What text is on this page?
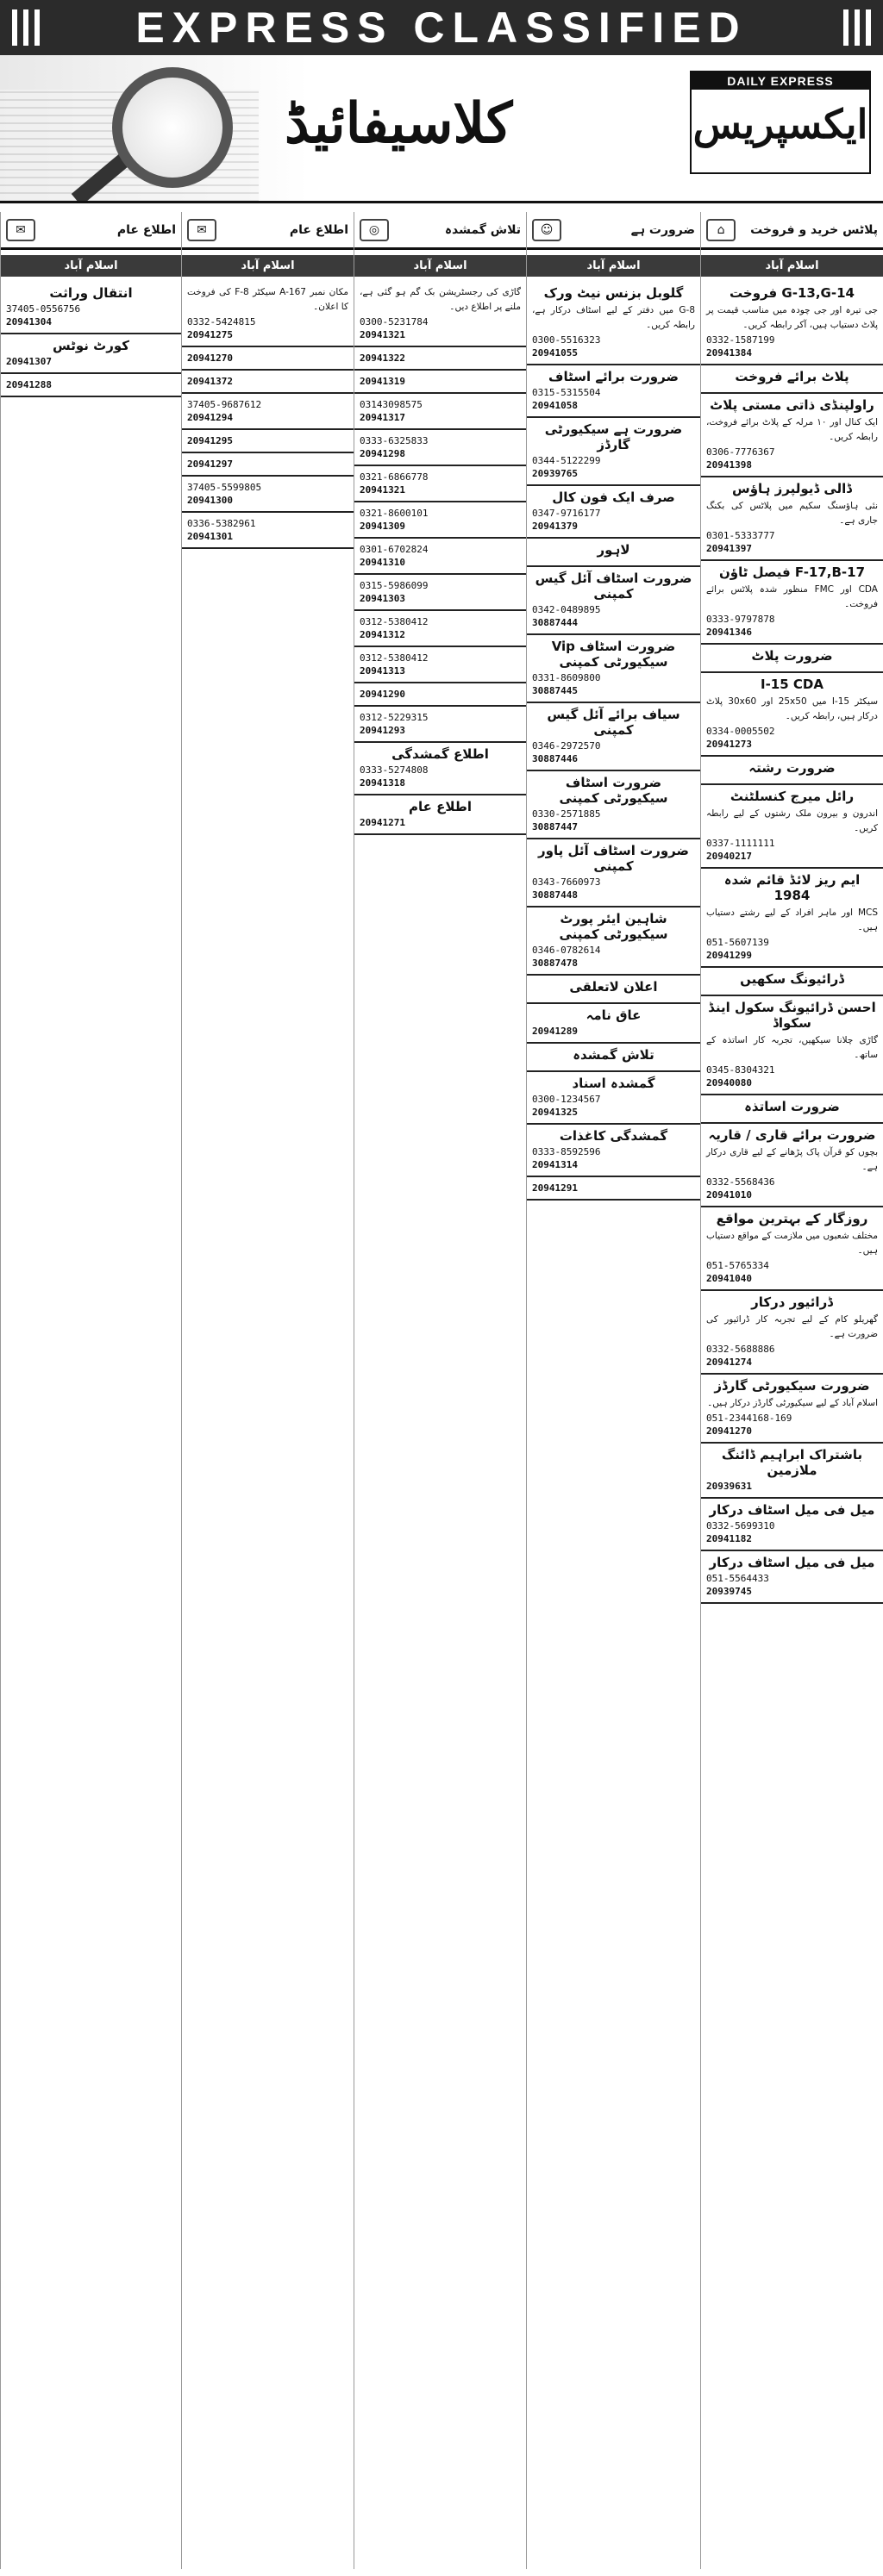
EXPRESS CLASSIFIED
کلاسیفائیڈ
DAILY EXPRESS
ایکسپریس
پلاٹس خرید و فروخت
⌂
اسلام آباد
G-13,G-14 فروخت
جی تیرہ اور جی چودہ میں مناسب قیمت پر پلاٹ دستیاب ہیں، آکر رابطہ کریں۔
0332-1587199
20941384
پلاٹ برائے فروخت
راولپنڈی ذاتی مستی پلاٹ
ایک کنال اور ۱۰ مرلہ کے پلاٹ برائے فروخت، رابطہ کریں۔
0306-7776367
20941398
ڈالی ڈیولپرز ہاؤس
نئی ہاؤسنگ سکیم میں پلاٹس کی بکنگ جاری ہے۔
0301-5333777
20941397
F-17,B-17 فیصل ٹاؤن
CDA اور FMC منظور شدہ پلاٹس برائے فروخت۔
0333-9797878
20941346
ضرورت پلاٹ
I-15 CDA
سیکٹر I-15 میں 25x50 اور 30x60 پلاٹ درکار ہیں، رابطہ کریں۔
0334-0005502
20941273
ضرورت رشتہ
رائل میرج کنسلٹنٹ
اندرون و بیرون ملک رشتوں کے لیے رابطہ کریں۔
0337-1111111
20940217
ایم ریز لائڈ قائم شدہ 1984
MCS اور ماہر افراد کے لیے رشتے دستیاب ہیں۔
051-5607139
20941299
ڈرائیونگ سکھیں
احسن ڈرائیونگ سکول اینڈ سکواڈ
گاڑی چلانا سیکھیں، تجربہ کار اساتذہ کے ساتھ۔
0345-8304321
20940080
ضرورت اساتذہ
ضرورت برائے قاری / قاریہ
بچوں کو قرآن پاک پڑھانے کے لیے قاری درکار ہے۔
0332-5568436
20941010
روزگار کے بہترین مواقع
مختلف شعبوں میں ملازمت کے مواقع دستیاب ہیں۔
051-5765334
20941040
ڈرائیور درکار
گھریلو کام کے لیے تجربہ کار ڈرائیور کی ضرورت ہے۔
0332-5688886
20941274
ضرورت سیکیورٹی گارڈز
اسلام آباد کے لیے سیکیورٹی گارڈز درکار ہیں۔
051-2344168-169
20941270
باشتراک ابراہیم ڈائنگ ملازمین
20939631
میل فی میل اسٹاف درکار
0332-5699310
20941182
میل فی میل اسٹاف درکار
051-5564433
20939745
ضرورت ہے
☺
اسلام آباد
گلوبل بزنس نیٹ ورک
G-8 میں دفتر کے لیے اسٹاف درکار ہے، رابطہ کریں۔
0300-5516323
20941055
ضرورت برائے اسٹاف
0315-5315504
20941058
ضرورت ہے سیکیورٹی گارڈز
0344-5122299
20939765
صرف ایک فون کال
0347-9716177
20941379
لاہور
ضرورت اسٹاف آئل گیس کمپنی
0342-0489895
30887444
ضرورت اسٹاف Vip سیکیورٹی کمپنی
0331-8609800
30887445
سیاف برائے آئل گیس کمپنی
0346-2972570
30887446
ضرورت اسٹاف سیکیورٹی کمپنی
0330-2571885
30887447
ضرورت اسٹاف آئل پاور کمپنی
0343-7660973
30887448
شاہین ایئر پورٹ سیکیورٹی کمپنی
0346-0782614
30887478
اعلان لاتعلقی
عاق نامہ
20941289
تلاش گمشدہ
گمشدہ اسناد
0300-1234567
20941325
گمشدگی کاغذات
0333-8592596
20941314
20941291
تلاش گمشدہ
◎
اسلام آباد
گاڑی کی رجسٹریشن بک گم ہو گئی ہے، ملنے پر اطلاع دیں۔
0300-5231784
20941321
20941322
20941319
03143098575
20941317
0333-6325833
20941298
0321-6866778
20941321
0321-8600101
20941309
0301-6702824
20941310
0315-5986099
20941303
0312-5380412
20941312
0312-5380412
20941313
20941290
0312-5229315
20941293
اطلاع گمشدگی
0333-5274808
20941318
اطلاع عام
20941271
اطلاع عام
✉
اسلام آباد
مکان نمبر A-167 سیکٹر F-8 کی فروخت کا اعلان۔
0332-5424815
20941275
20941270
20941372
37405-9687612
20941294
20941295
20941297
37405-5599805
20941300
0336-5382961
20941301
اطلاع عام
✉
اسلام آباد
انتقال وراثت
37405-0556756
20941304
کورٹ نوٹس
20941307
20941288
